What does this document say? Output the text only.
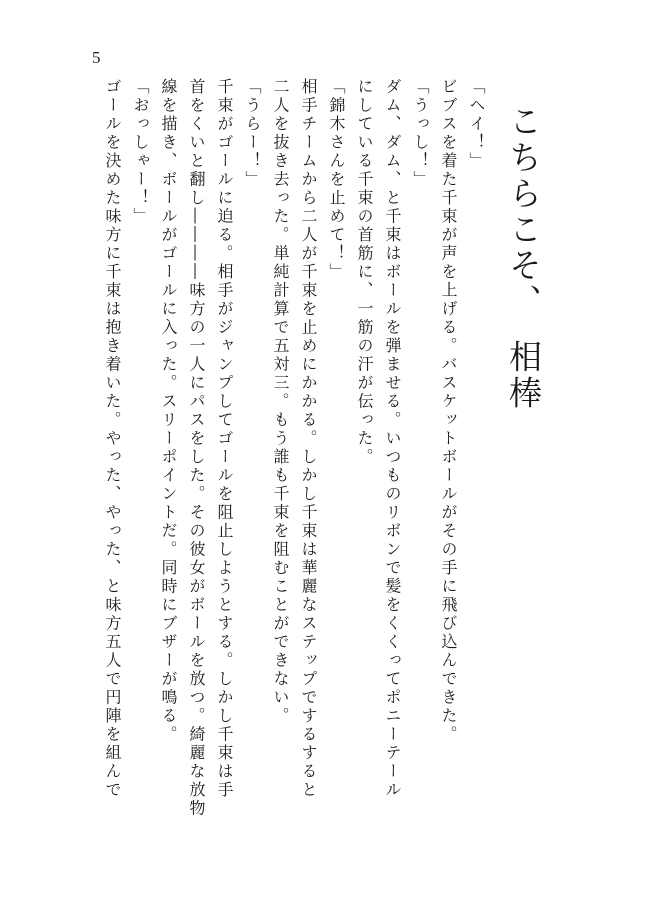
5
こちらこそ、　相棒
「ヘイ！」
ビブスを着た千束が声を上げる。バスケットボールがその手に飛び込んできた。
「うっし！」
ダム、ダム、と千束はボールを弾ませる。いつものリボンで髪をくくってポニーテール
にしている千束の首筋に、一筋の汗が伝った。
「錦木さんを止めて！」
相手チームから二人が千束を止めにかかる。しかし千束は華麗なステップでするすると
二人を抜き去った。単純計算で五対三。もう誰も千束を阻むことができない。
「うらー！」
千束がゴールに迫る。相手がジャンプしてゴールを阻止しようとする。しかし千束は手
首をくいと翻し――――味方の一人にパスをした。その彼女がボールを放つ。綺麗な放物
線を描き、ボールがゴールに入った。スリーポイントだ。同時にブザーが鳴る。
「おっしゃー！」
ゴールを決めた味方に千束は抱き着いた。やった、やった、と味方五人で円陣を組んで
